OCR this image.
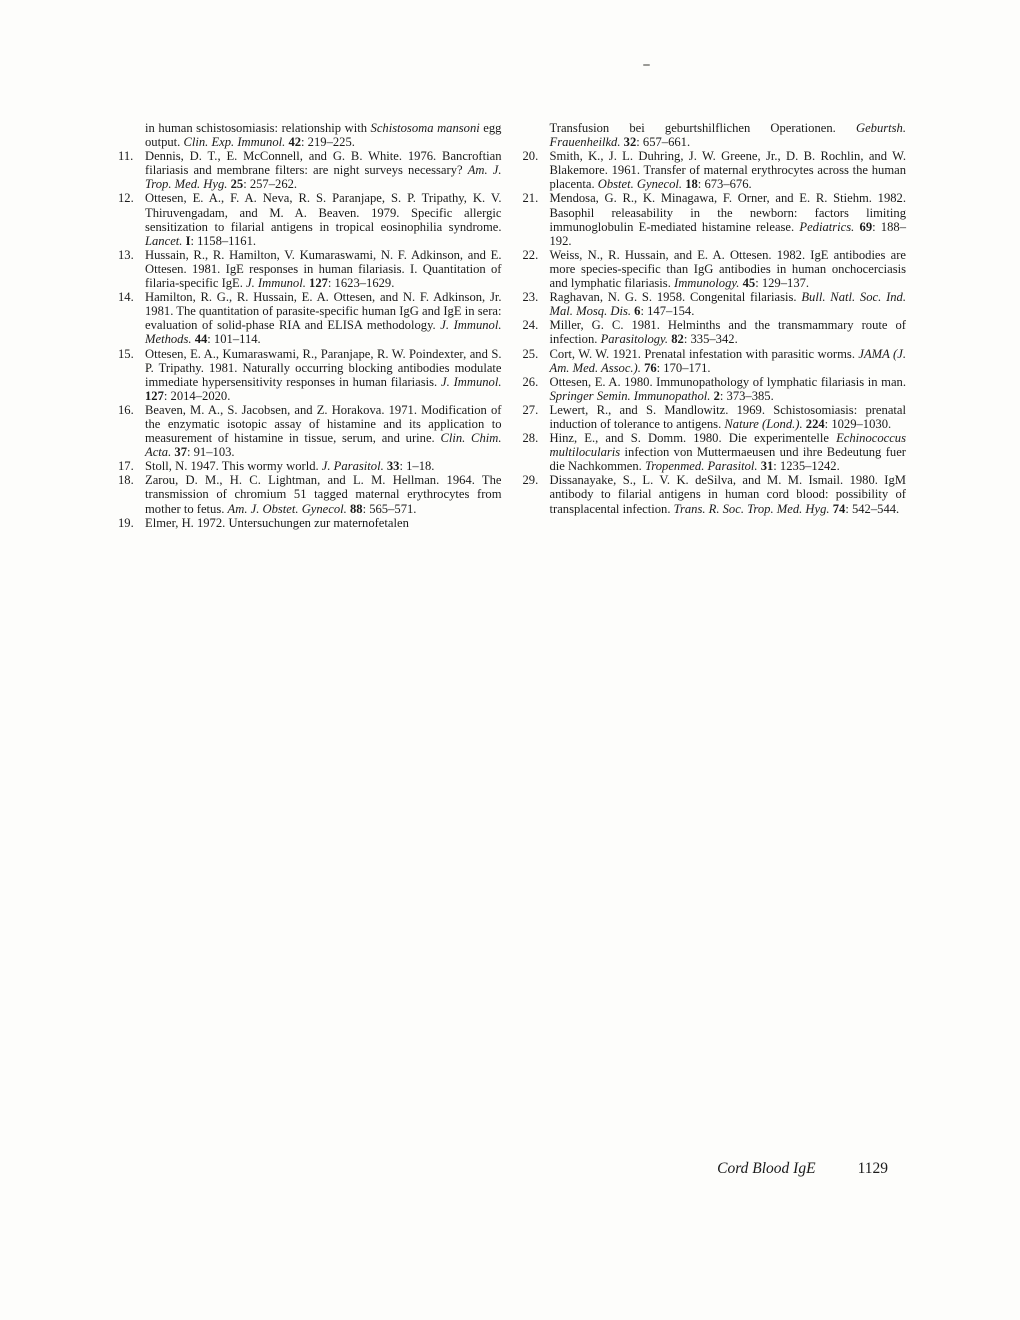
in human schistosomiasis: relationship with Schistosoma mansoni egg output. Clin. Exp. Immunol. 42: 219–225.
11. Dennis, D. T., E. McConnell, and G. B. White. 1976. Bancroftian filariasis and membrane filters: are night surveys necessary? Am. J. Trop. Med. Hyg. 25: 257–262.
12. Ottesen, E. A., F. A. Neva, R. S. Paranjape, S. P. Tripathy, K. V. Thiruvengadam, and M. A. Beaven. 1979. Specific allergic sensitization to filarial antigens in tropical eosinophilia syndrome. Lancet. I: 1158–1161.
13. Hussain, R., R. Hamilton, V. Kumaraswami, N. F. Adkinson, and E. Ottesen. 1981. IgE responses in human filariasis. I. Quantitation of filaria-specific IgE. J. Immunol. 127: 1623–1629.
14. Hamilton, R. G., R. Hussain, E. A. Ottesen, and N. F. Adkinson, Jr. 1981. The quantitation of parasite-specific human IgG and IgE in sera: evaluation of solid-phase RIA and ELISA methodology. J. Immunol. Methods. 44: 101–114.
15. Ottesen, E. A., Kumaraswami, R., Paranjape, R. W. Poindexter, and S. P. Tripathy. 1981. Naturally occurring blocking antibodies modulate immediate hypersensitivity responses in human filariasis. J. Immunol. 127: 2014–2020.
16. Beaven, M. A., S. Jacobsen, and Z. Horakova. 1971. Modification of the enzymatic isotopic assay of histamine and its application to measurement of histamine in tissue, serum, and urine. Clin. Chim. Acta. 37: 91–103.
17. Stoll, N. 1947. This wormy world. J. Parasitol. 33: 1–18.
18. Zarou, D. M., H. C. Lightman, and L. M. Hellman. 1964. The transmission of chromium 51 tagged maternal erythrocytes from mother to fetus. Am. J. Obstet. Gynecol. 88: 565–571.
19. Elmer, H. 1972. Untersuchungen zur maternofetalen
Transfusion bei geburtshilflichen Operationen. Geburtsh. Frauenheilkd. 32: 657–661.
20. Smith, K., J. L. Duhring, J. W. Greene, Jr., D. B. Rochlin, and W. Blakemore. 1961. Transfer of maternal erythrocytes across the human placenta. Obstet. Gynecol. 18: 673–676.
21. Mendosa, G. R., K. Minagawa, F. Orner, and E. R. Stiehm. 1982. Basophil releasability in the newborn: factors limiting immunoglobulin E-mediated histamine release. Pediatrics. 69: 188–192.
22. Weiss, N., R. Hussain, and E. A. Ottesen. 1982. IgE antibodies are more species-specific than IgG antibodies in human onchocerciasis and lymphatic filariasis. Immunology. 45: 129–137.
23. Raghavan, N. G. S. 1958. Congenital filariasis. Bull. Natl. Soc. Ind. Mal. Mosq. Dis. 6: 147–154.
24. Miller, G. C. 1981. Helminths and the transmammary route of infection. Parasitology. 82: 335–342.
25. Cort, W. W. 1921. Prenatal infestation with parasitic worms. JAMA (J. Am. Med. Assoc.). 76: 170–171.
26. Ottesen, E. A. 1980. Immunopathology of lymphatic filariasis in man. Springer Semin. Immunopathol. 2: 373–385.
27. Lewert, R., and S. Mandlowitz. 1969. Schistosomiasis: prenatal induction of tolerance to antigens. Nature (Lond.). 224: 1029–1030.
28. Hinz, E., and S. Domm. 1980. Die experimentelle Echinococcus multilocularis infection von Muttermaeusen und ihre Bedeutung fuer die Nachkommen. Tropenmed. Parasitol. 31: 1235–1242.
29. Dissanayake, S., L. V. K. deSilva, and M. M. Ismail. 1980. IgM antibody to filarial antigens in human cord blood: possibility of transplacental infection. Trans. R. Soc. Trop. Med. Hyg. 74: 542–544.
Cord Blood IgE	1129
